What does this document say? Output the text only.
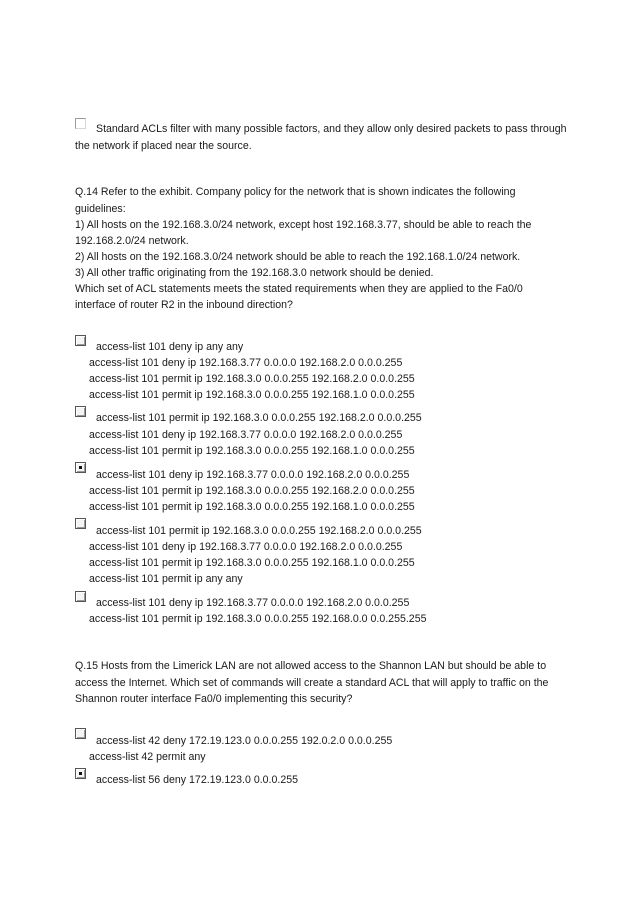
Standard ACLs filter with many possible factors, and they allow only desired packets to pass through
the network if placed near the source.
Q.14 Refer to the exhibit. Company policy for the network that is shown indicates the following
guidelines:
1) All hosts on the 192.168.3.0/24 network, except host 192.168.3.77, should be able to reach the
192.168.2.0/24 network.
2) All hosts on the 192.168.3.0/24 network should be able to reach the 192.168.1.0/24 network.
3) All other traffic originating from the 192.168.3.0 network should be denied.
Which set of ACL statements meets the stated requirements when they are applied to the Fa0/0
interface of router R2 in the inbound direction?
access-list 101 deny ip any any
access-list 101 deny ip 192.168.3.77 0.0.0.0 192.168.2.0 0.0.0.255
access-list 101 permit ip 192.168.3.0 0.0.0.255 192.168.2.0 0.0.0.255
access-list 101 permit ip 192.168.3.0 0.0.0.255 192.168.1.0 0.0.0.255
access-list 101 permit ip 192.168.3.0 0.0.0.255 192.168.2.0 0.0.0.255
access-list 101 deny ip 192.168.3.77 0.0.0.0 192.168.2.0 0.0.0.255
access-list 101 permit ip 192.168.3.0 0.0.0.255 192.168.1.0 0.0.0.255
access-list 101 deny ip 192.168.3.77 0.0.0.0 192.168.2.0 0.0.0.255
access-list 101 permit ip 192.168.3.0 0.0.0.255 192.168.2.0 0.0.0.255
access-list 101 permit ip 192.168.3.0 0.0.0.255 192.168.1.0 0.0.0.255
access-list 101 permit ip 192.168.3.0 0.0.0.255 192.168.2.0 0.0.0.255
access-list 101 deny ip 192.168.3.77 0.0.0.0 192.168.2.0 0.0.0.255
access-list 101 permit ip 192.168.3.0 0.0.0.255 192.168.1.0 0.0.0.255
access-list 101 permit ip any any
access-list 101 deny ip 192.168.3.77 0.0.0.0 192.168.2.0 0.0.0.255
access-list 101 permit ip 192.168.3.0 0.0.0.255 192.168.0.0 0.0.255.255
Q.15 Hosts from the Limerick LAN are not allowed access to the Shannon LAN but should be able to
access the Internet. Which set of commands will create a standard ACL that will apply to traffic on the
Shannon router interface Fa0/0 implementing this security?
access-list 42 deny 172.19.123.0 0.0.0.255 192.0.2.0 0.0.0.255
access-list 42 permit any
access-list 56 deny 172.19.123.0 0.0.0.255
